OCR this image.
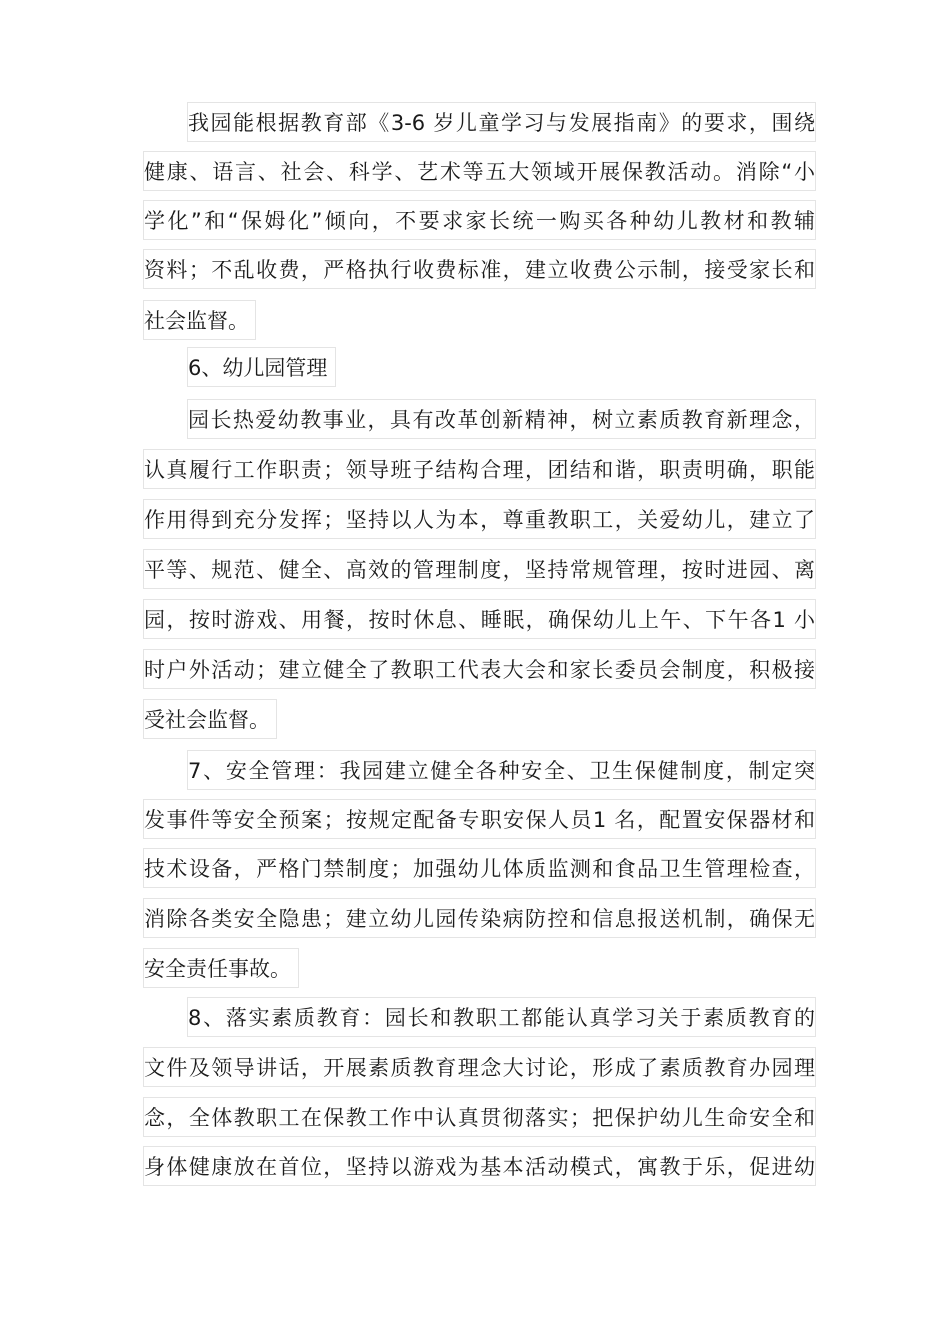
我园能根据教育部《3-6 岁儿童学习与发展指南》的要求，围绕
健康、语言、社会、科学、艺术等五大领域开展保教活动。消除“小
学化”和“保姆化”倾向，不要求家长统一购买各种幼儿教材和教辅
资料；不乱收费，严格执行收费标准，建立收费公示制，接受家长和
社会监督。
6、幼儿园管理
园长热爱幼教事业，具有改革创新精神，树立素质教育新理念，
认真履行工作职责；领导班子结构合理，团结和谐，职责明确，职能
作用得到充分发挥；坚持以人为本，尊重教职工，关爱幼儿，建立了
平等、规范、健全、高效的管理制度，坚持常规管理，按时进园、离
园，按时游戏、用餐，按时休息、睡眠，确保幼儿上午、下午各1 小
时户外活动；建立健全了教职工代表大会和家长委员会制度，积极接
受社会监督。
7、安全管理：我园建立健全各种安全、卫生保健制度，制定突
发事件等安全预案；按规定配备专职安保人员1 名，配置安保器材和
技术设备，严格门禁制度；加强幼儿体质监测和食品卫生管理检查，
消除各类安全隐患；建立幼儿园传染病防控和信息报送机制，确保无
安全责任事故。
8、落实素质教育：园长和教职工都能认真学习关于素质教育的
文件及领导讲话，开展素质教育理念大讨论，形成了素质教育办园理
念，全体教职工在保教工作中认真贯彻落实；把保护幼儿生命安全和
身体健康放在首位，坚持以游戏为基本活动模式，寓教于乐，促进幼
